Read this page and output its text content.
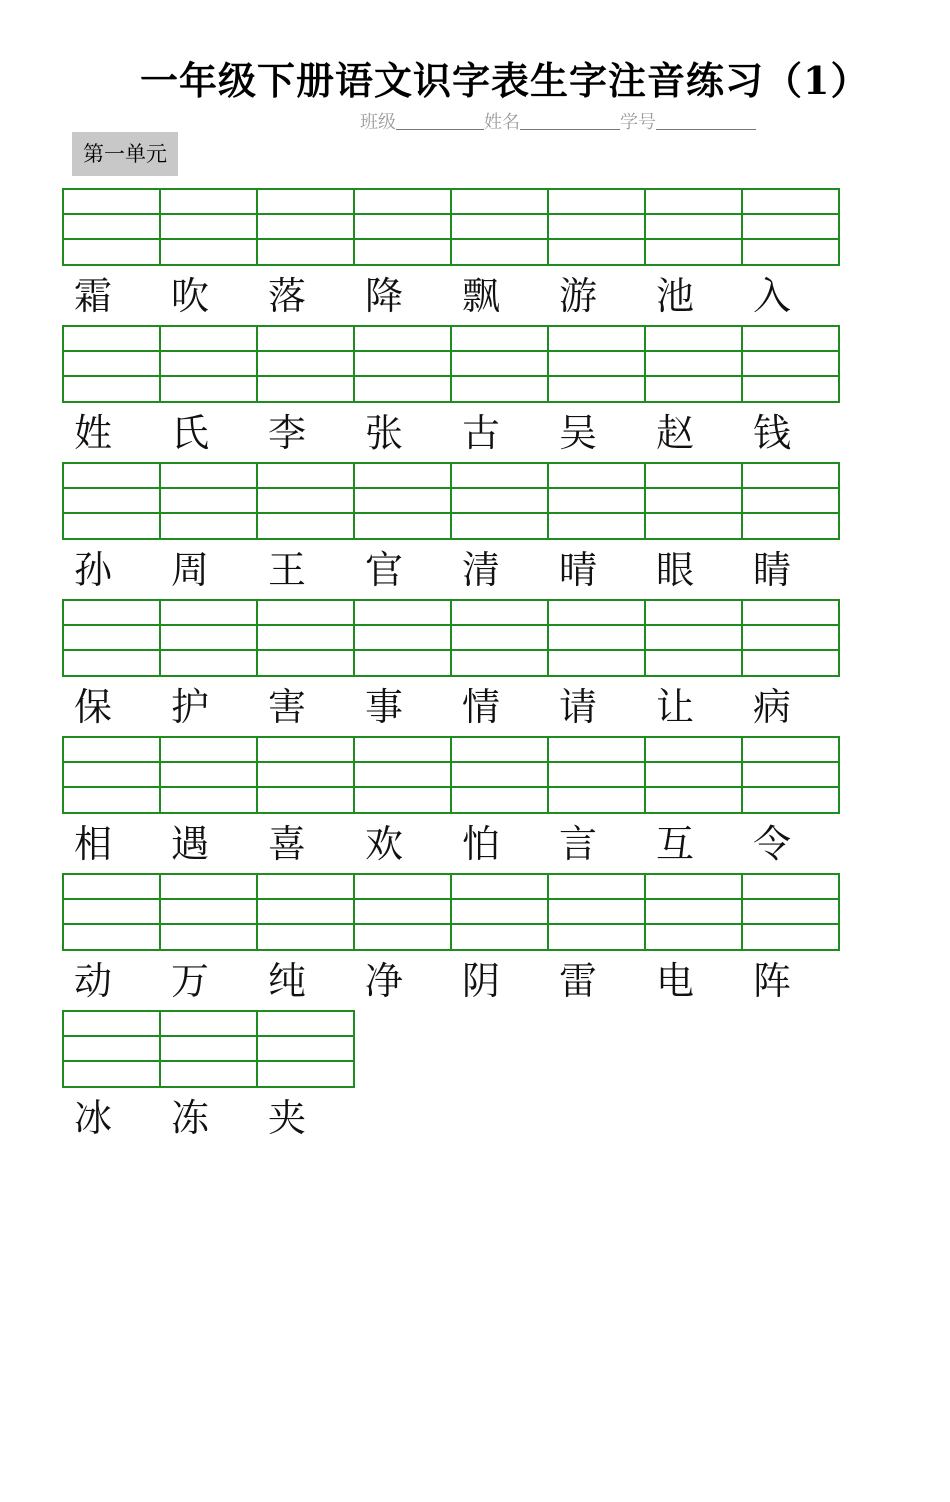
一年级下册语文识字表生字注音练习（1）
班级	姓名	学号
第一单元
霜	吹	落	降	飘	游	池	入
姓	氏	李	张	古	吴	赵	钱
孙	周	王	官	清	晴	眼	睛
保	护	害	事	情	请	让	病
相	遇	喜	欢	怕	言	互	令
动	万	纯	净	阴	雷	电	阵
冰	冻	夹
